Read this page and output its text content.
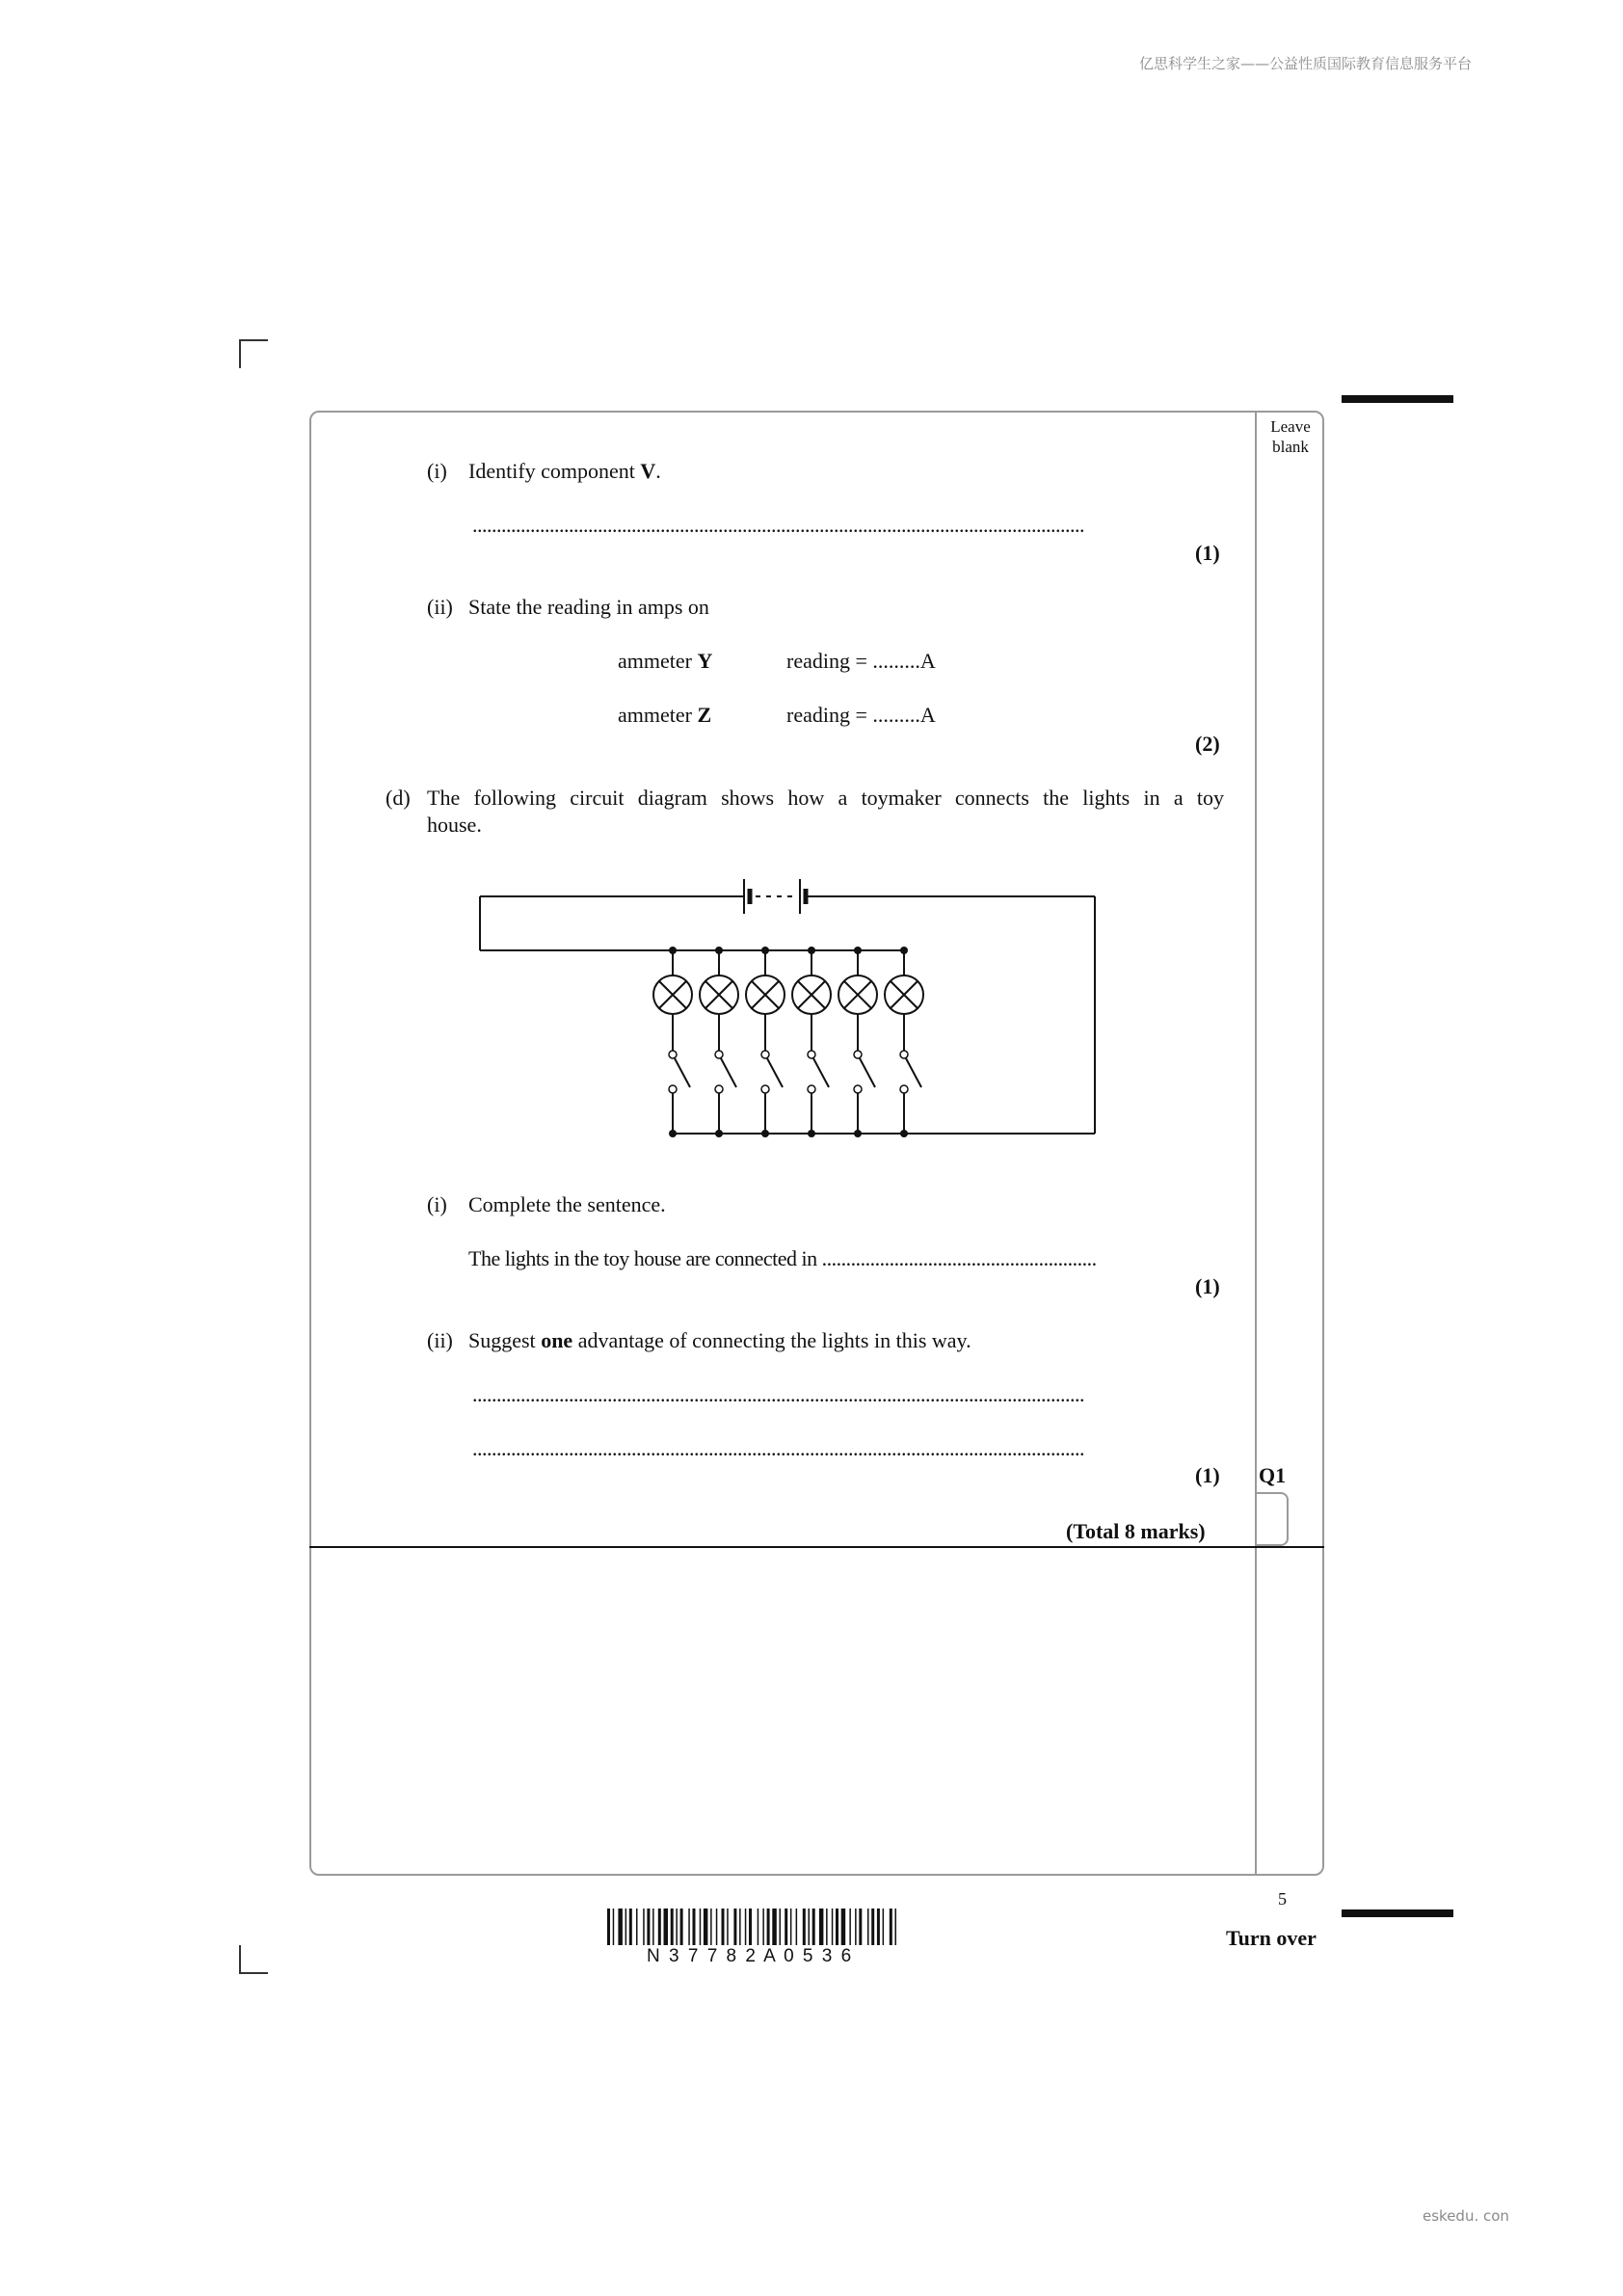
亿思科学生之家——公益性质国际教育信息服务平台
Leave blank
Q1
(i) Identify component V.
...............................................................................................................................
(1)
(ii) State the reading in amps on
ammeter Y	reading = .........A
ammeter Z	reading = .........A
(2)
(d) The following circuit diagram shows how a toymaker connects the lights in a toy
house.
(i) Complete the sentence.
The lights in the toy house are connected in .........................................................
(1)
(ii) Suggest one advantage of connecting the lights in this way.
...............................................................................................................................
...............................................................................................................................
(1)
(Total 8 marks)
5
Turn over
N 3 7 7 8 2 A 0 5 3 6
eskedu. con
